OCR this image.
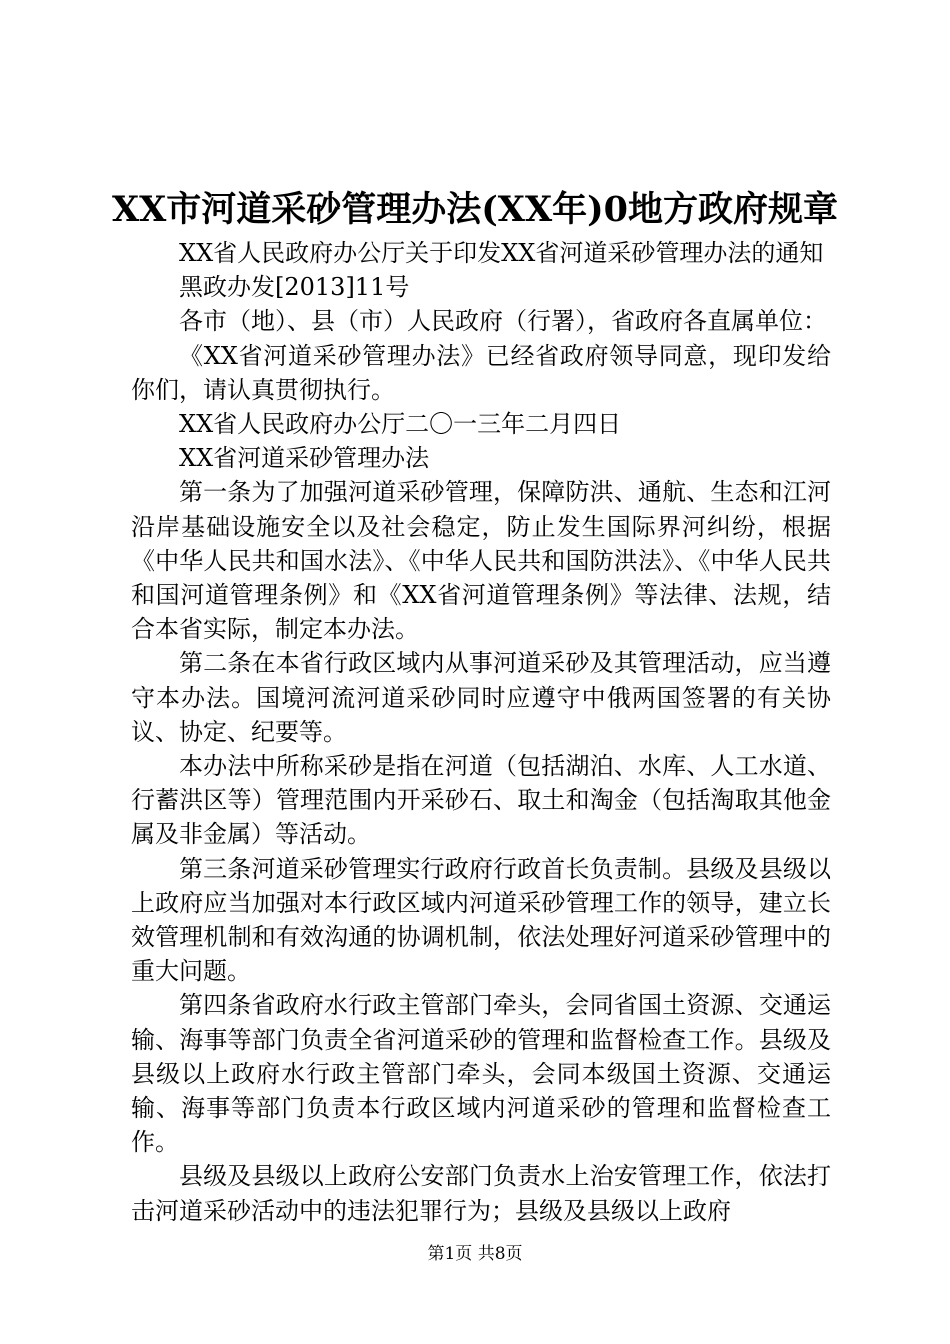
XX市河道采砂管理办法(XX年)0地方政府规章

XX省人民政府办公厅关于印发XX省河道采砂管理办法的通知

黑政办发[2013]11号

各市（地）、县（市）人民政府（行署），省政府各直属单位：

《XX省河道采砂管理办法》已经省政府领导同意，现印发给你们，请认真贯彻执行。

XX省人民政府办公厅二〇一三年二月四日

XX省河道采砂管理办法

第一条为了加强河道采砂管理，保障防洪、通航、生态和江河沿岸基础设施安全以及社会稳定，防止发生国际界河纠纷，根据《中华人民共和国水法》、《中华人民共和国防洪法》、《中华人民共和国河道管理条例》和《XX省河道管理条例》等法律、法规，结合本省实际，制定本办法。

第二条在本省行政区域内从事河道采砂及其管理活动，应当遵守本办法。国境河流河道采砂同时应遵守中俄两国签署的有关协议、协定、纪要等。

本办法中所称采砂是指在河道（包括湖泊、水库、人工水道、行蓄洪区等）管理范围内开采砂石、取土和淘金（包括淘取其他金属及非金属）等活动。

第三条河道采砂管理实行政府行政首长负责制。县级及县级以上政府应当加强对本行政区域内河道采砂管理工作的领导，建立长效管理机制和有效沟通的协调机制，依法处理好河道采砂管理中的重大问题。

第四条省政府水行政主管部门牵头，会同省国土资源、交通运输、海事等部门负责全省河道采砂的管理和监督检查工作。县级及县级以上政府水行政主管部门牵头，会同本级国土资源、交通运输、海事等部门负责本行政区域内河道采砂的管理和监督检查工作。

县级及县级以上政府公安部门负责水上治安管理工作，依法打击河道采砂活动中的违法犯罪行为；县级及县级以上政府

第1页 共8页
